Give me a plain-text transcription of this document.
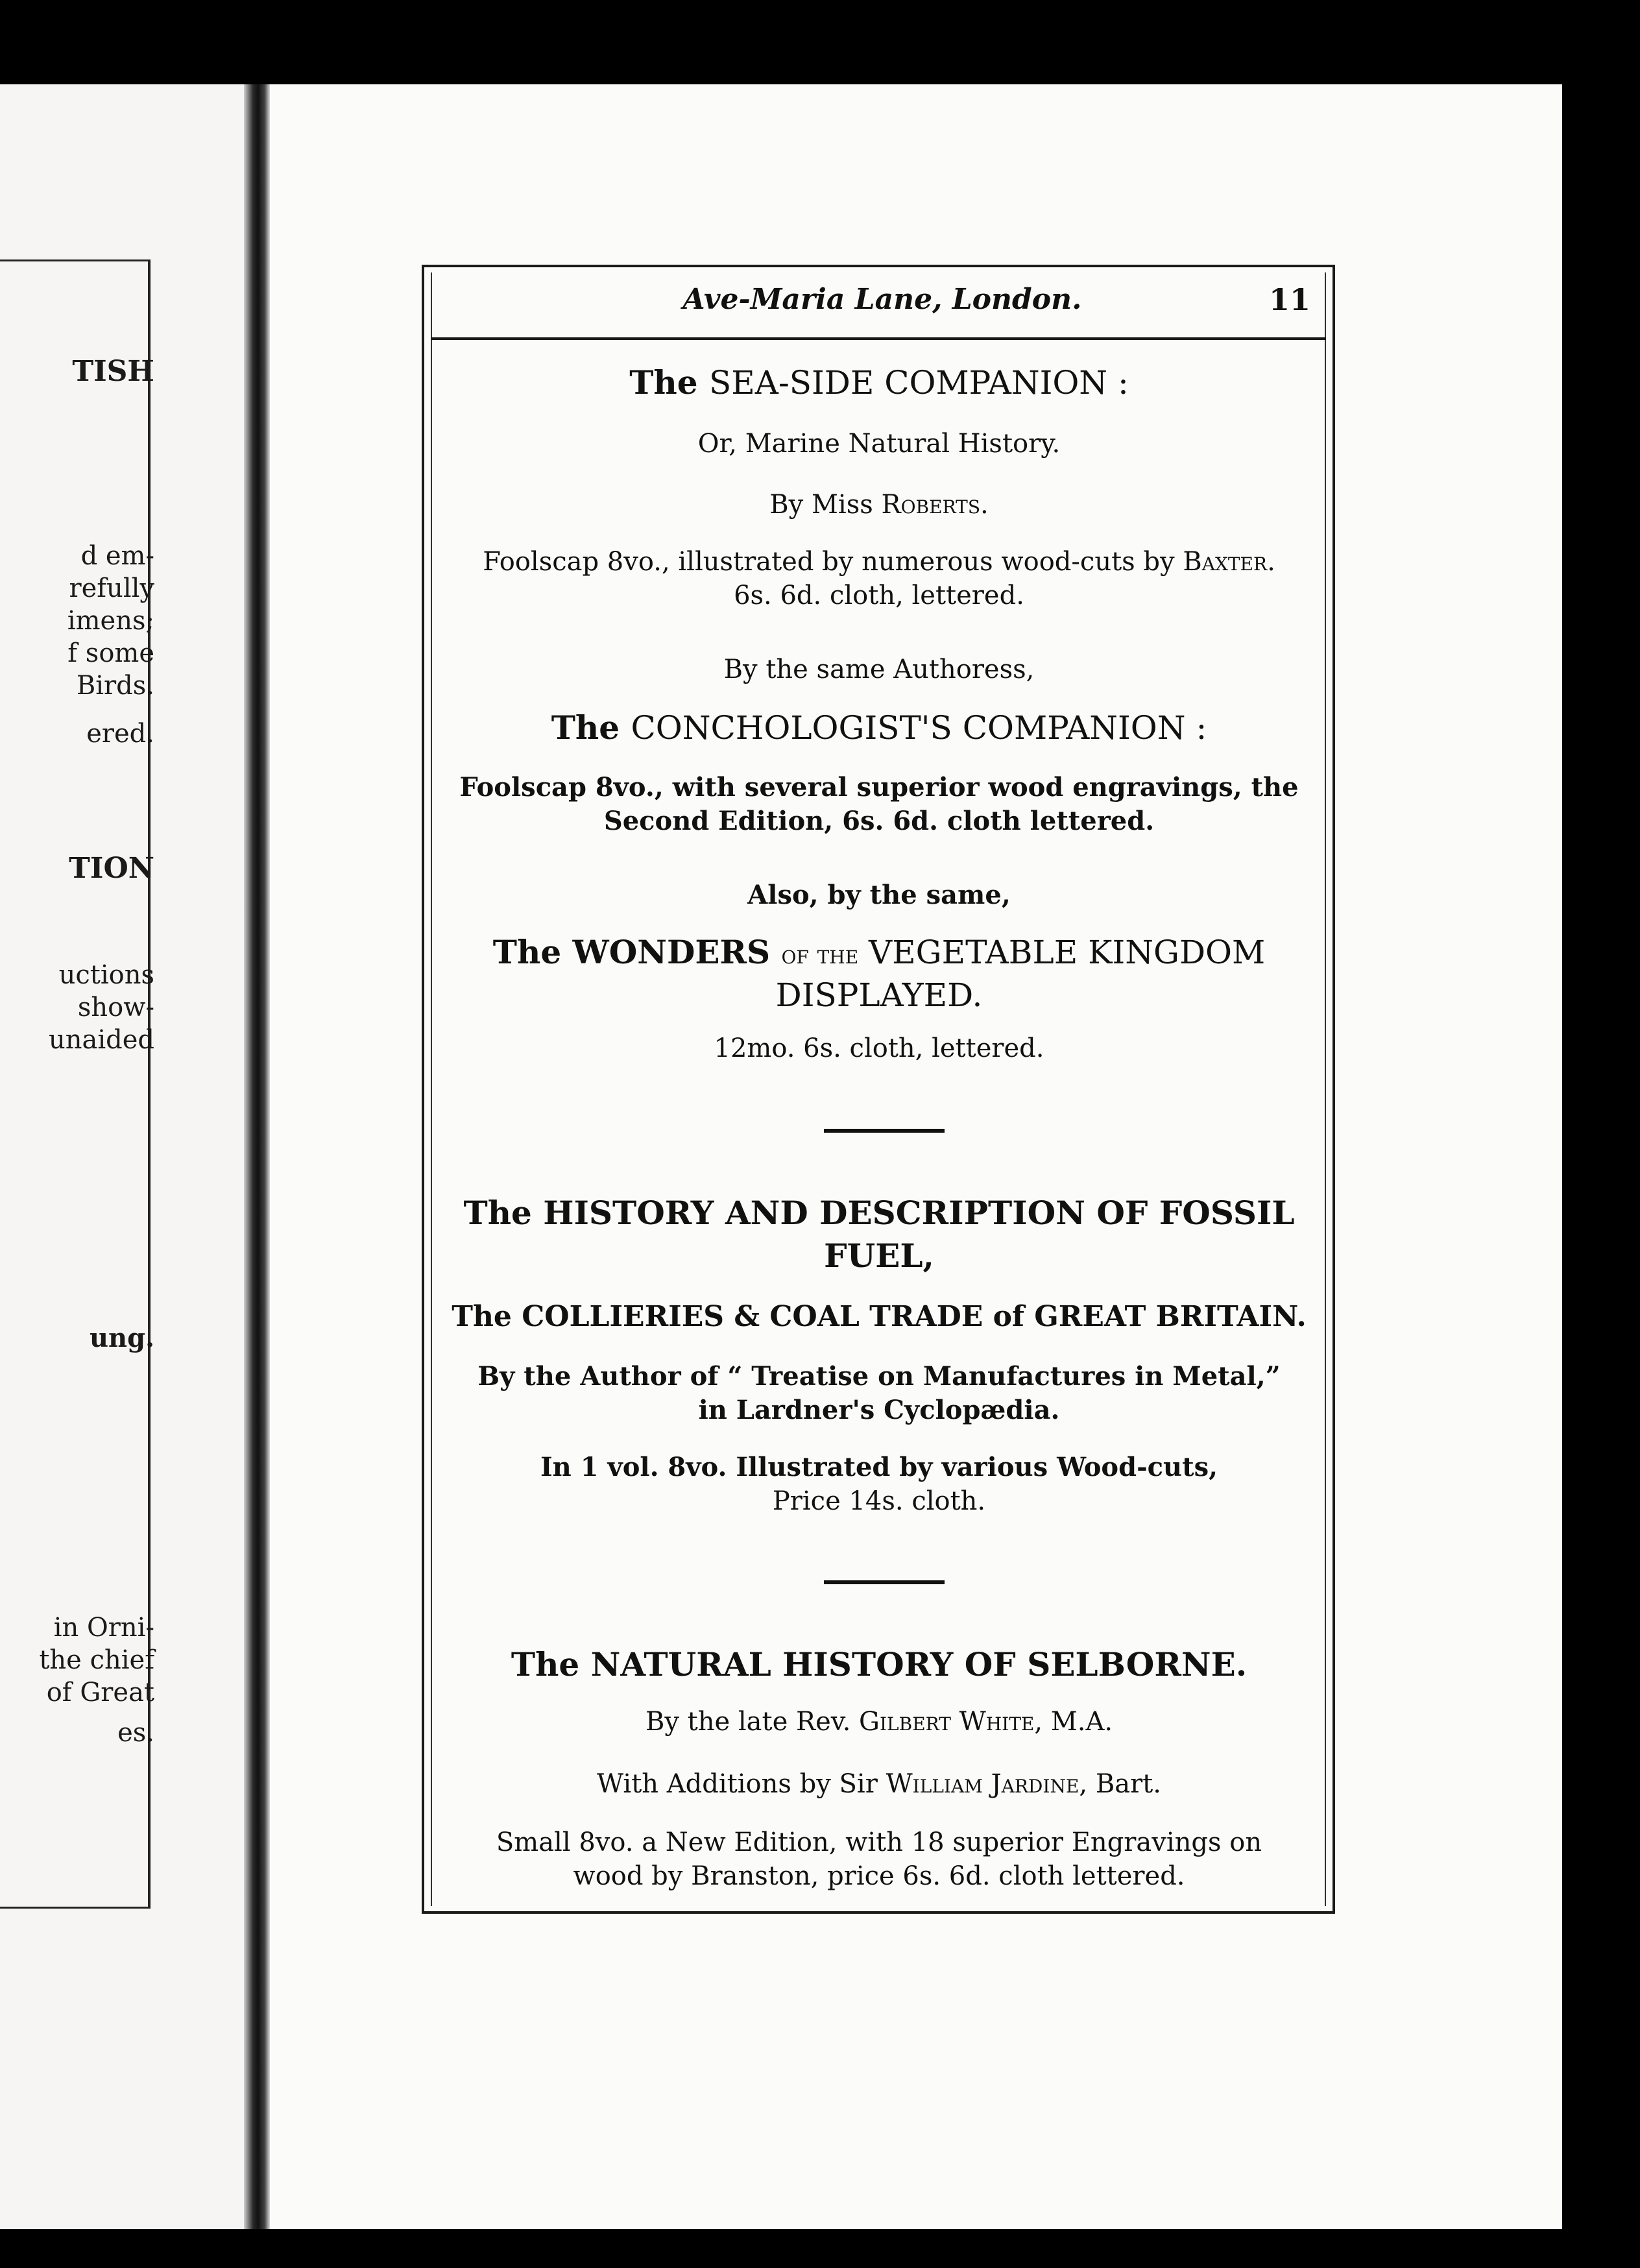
TISH
d em-
refully
imens;
f some
Birds.
ered.
TION
uctions
show-
unaided
ung.
in Orni-
the chief
of Great
es.
Ave-Maria Lane, London.	11
The SEA-SIDE COMPANION :
Or, Marine Natural History.
By Miss Roberts.
Foolscap 8vo., illustrated by numerous wood-cuts by Baxter.
6s. 6d. cloth, lettered.
By the same Authoress,
The CONCHOLOGIST'S COMPANION :
Foolscap 8vo., with several superior wood engravings, the
Second Edition, 6s. 6d. cloth lettered.
Also, by the same,
The WONDERS of the VEGETABLE KINGDOM
DISPLAYED.
12mo. 6s. cloth, lettered.
The HISTORY AND DESCRIPTION OF FOSSIL
FUEL,
The COLLIERIES & COAL TRADE of GREAT BRITAIN.
By the Author of “ Treatise on Manufactures in Metal,”
in Lardner's Cyclopædia.
In 1 vol. 8vo. Illustrated by various Wood-cuts,
Price 14s. cloth.
The NATURAL HISTORY OF SELBORNE.
By the late Rev. Gilbert White, M.A.
With Additions by Sir William Jardine, Bart.
Small 8vo. a New Edition, with 18 superior Engravings on
wood by Branston, price 6s. 6d. cloth lettered.
